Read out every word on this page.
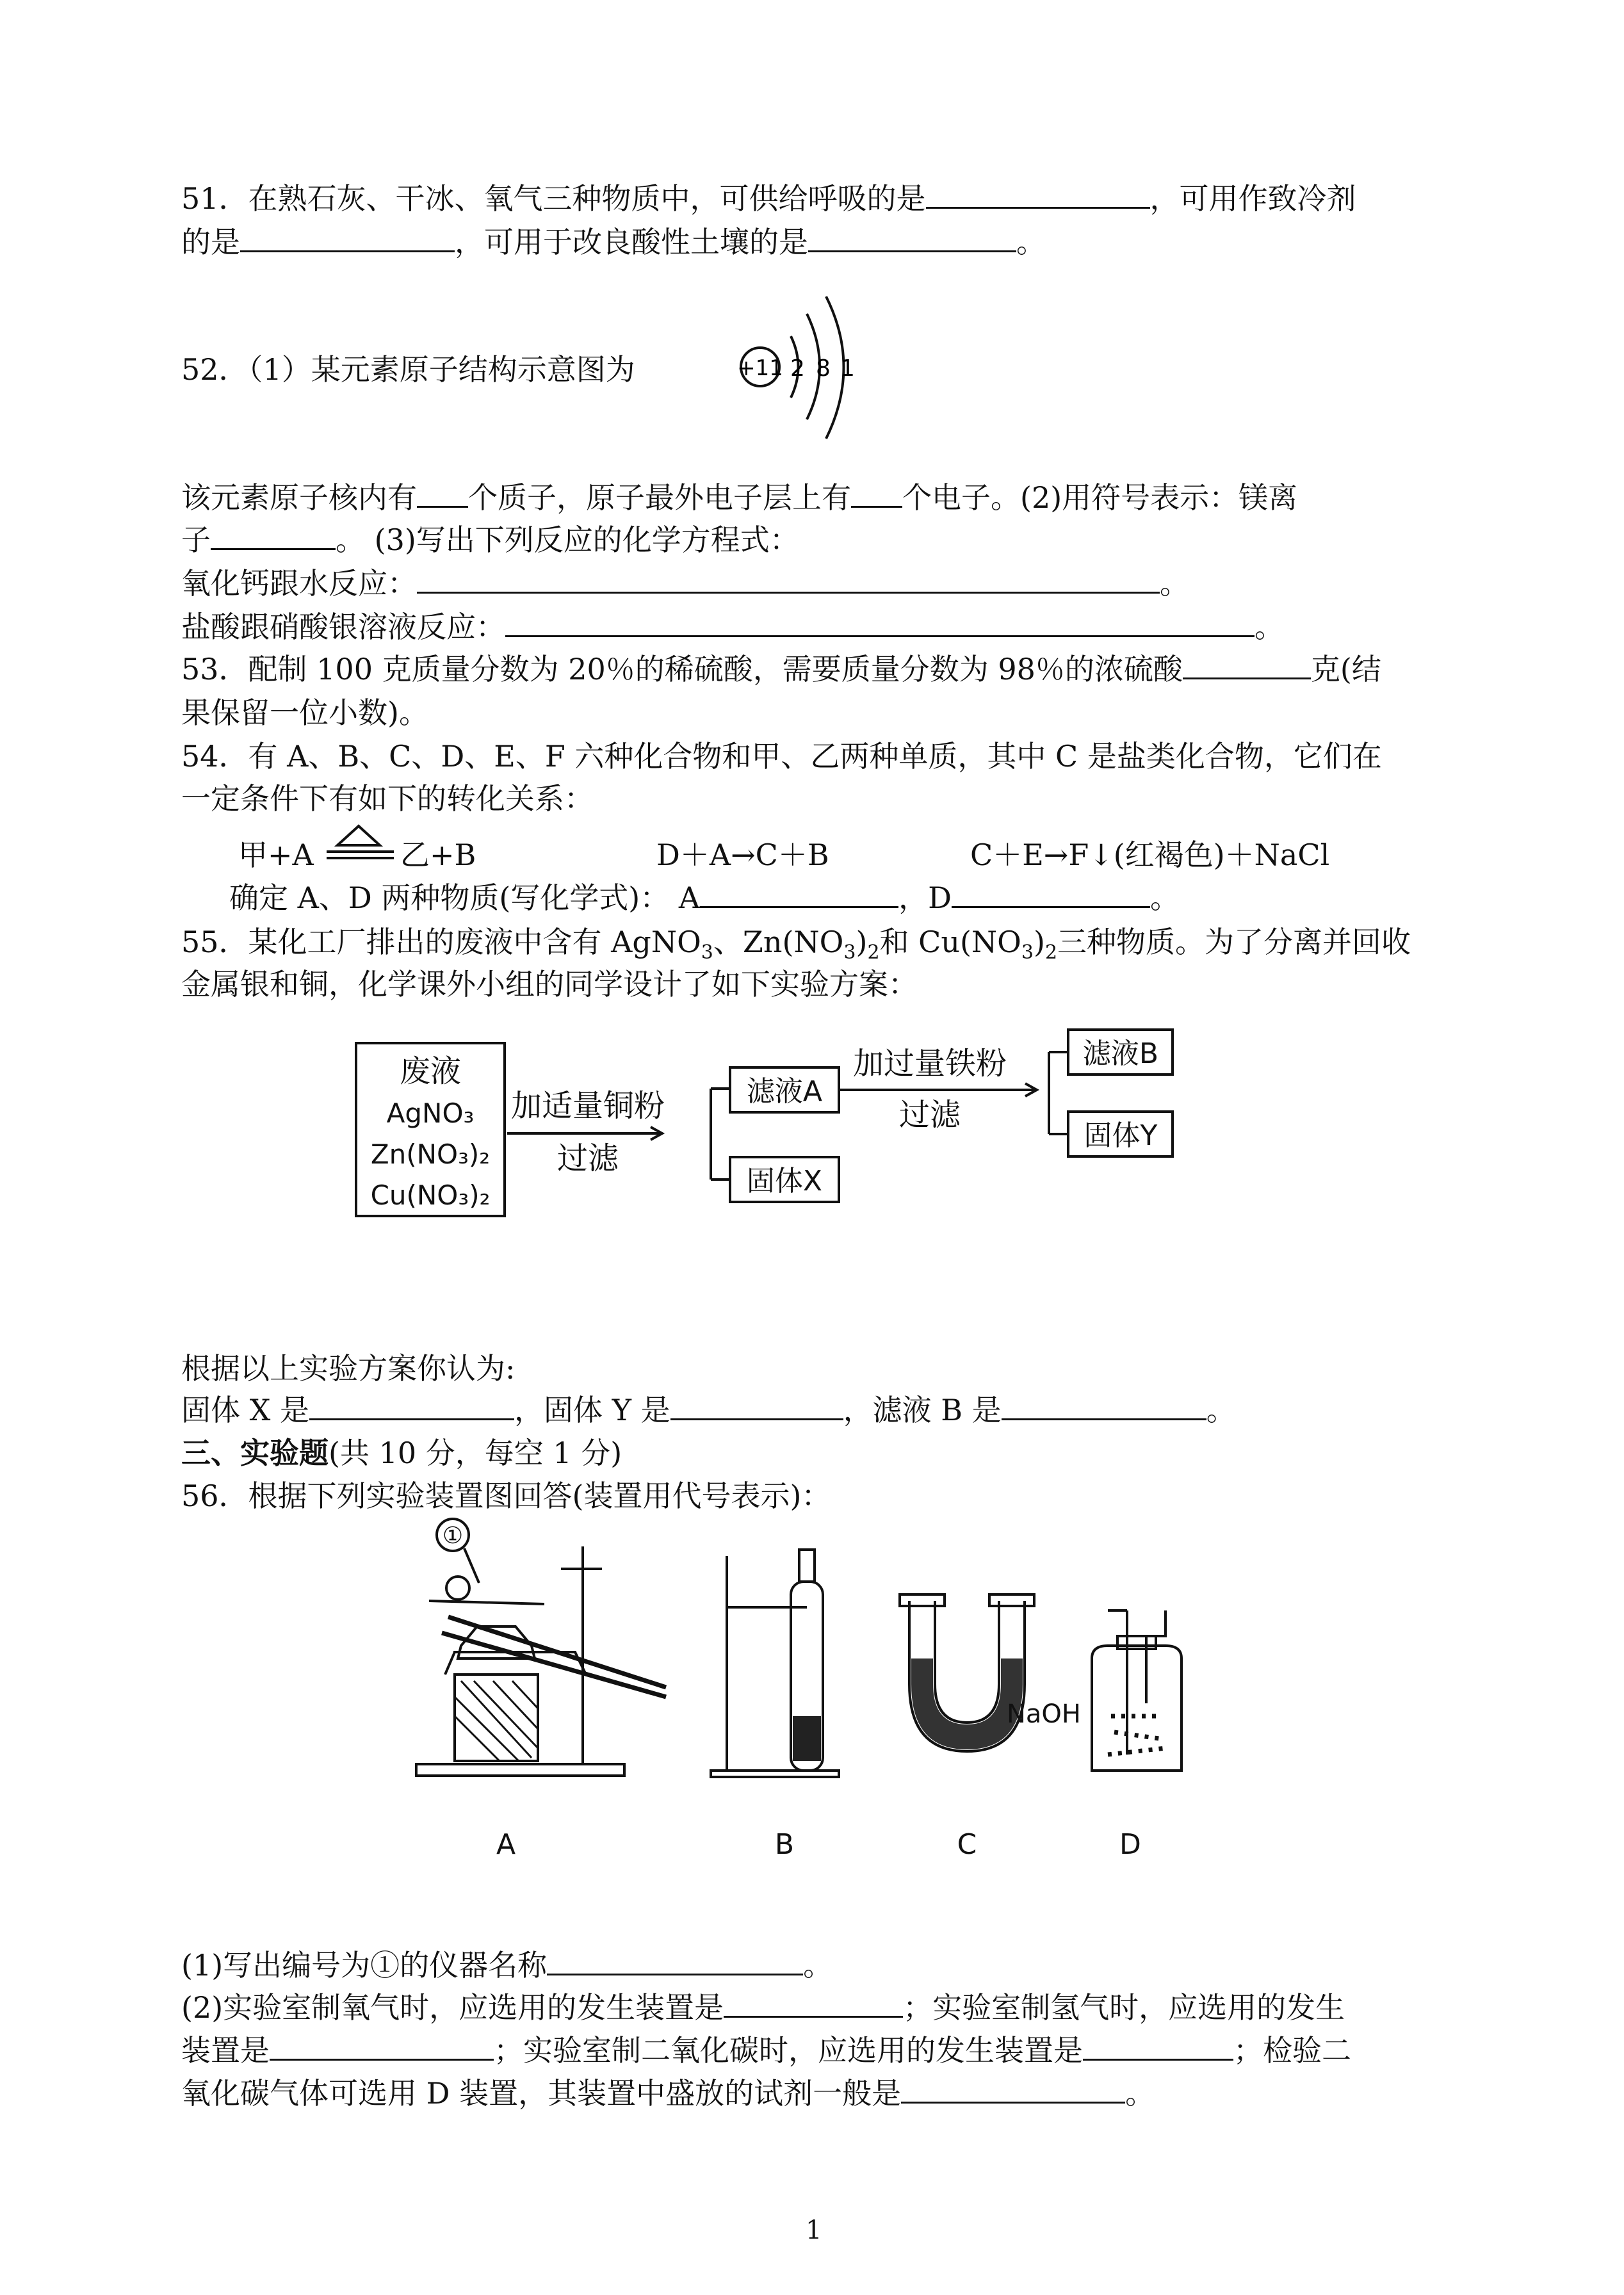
51．在熟石灰、干冰、氧气三种物质中，可供给呼吸的是	，可用作致冷剂
的是	，可用于改良酸性土壤的是	。
52．（1）某元素原子结构示意图为	+11 2 8 1
该元素原子核内有 个质子，原子最外电子层上有 个电子。(2)用符号表示：镁离
子	。 (3)写出下列反应的化学方程式：
氧化钙跟水反应：	。
盐酸跟硝酸银溶液反应：	。
53．配制 100 克质量分数为 20％的稀硫酸，需要质量分数为 98％的浓硫酸	克(结
果保留一位小数)。
54．有 A、B、C、D、E、F 六种化合物和甲、乙两种单质，其中 C 是盐类化合物，它们在
一定条件下有如下的转化关系：
甲+A	乙+B	D＋A→C＋B	C＋E→F↓(红褐色)＋NaCl
确定 A、D 两种物质(写化学式)： A	，D	。
55．某化工厂排出的废液中含有 AgNO$_3$、$Zn(NO_3)_2$和 $Cu(NO_3)_2$三种物质。为了分离并回收
金属银和铜，化学课外小组的同学设计了如下实验方案：
废液
AgNO₃
Zn(NO₃)₂
Cu(NO₃)₂
加适量铜粉
过滤
滤液A
固体X
加过量铁粉
过滤
滤液B
固体Y
根据以上实验方案你认为:
固体 X 是	，固体 Y 是	，滤液 B 是	。
三、实验题(共 10 分，每空 1 分)
56．根据下列实验装置图回答(装置用代号表示)：
①
NaOH
A	B	C	D
(1)写出编号为①的仪器名称	。
(2)实验室制氧气时，应选用的发生装置是	；实验室制氢气时，应选用的发生
装置是	；实验室制二氧化碳时，应选用的发生装置是	；检验二
氧化碳气体可选用 D 装置，其装置中盛放的试剂一般是	。
1
